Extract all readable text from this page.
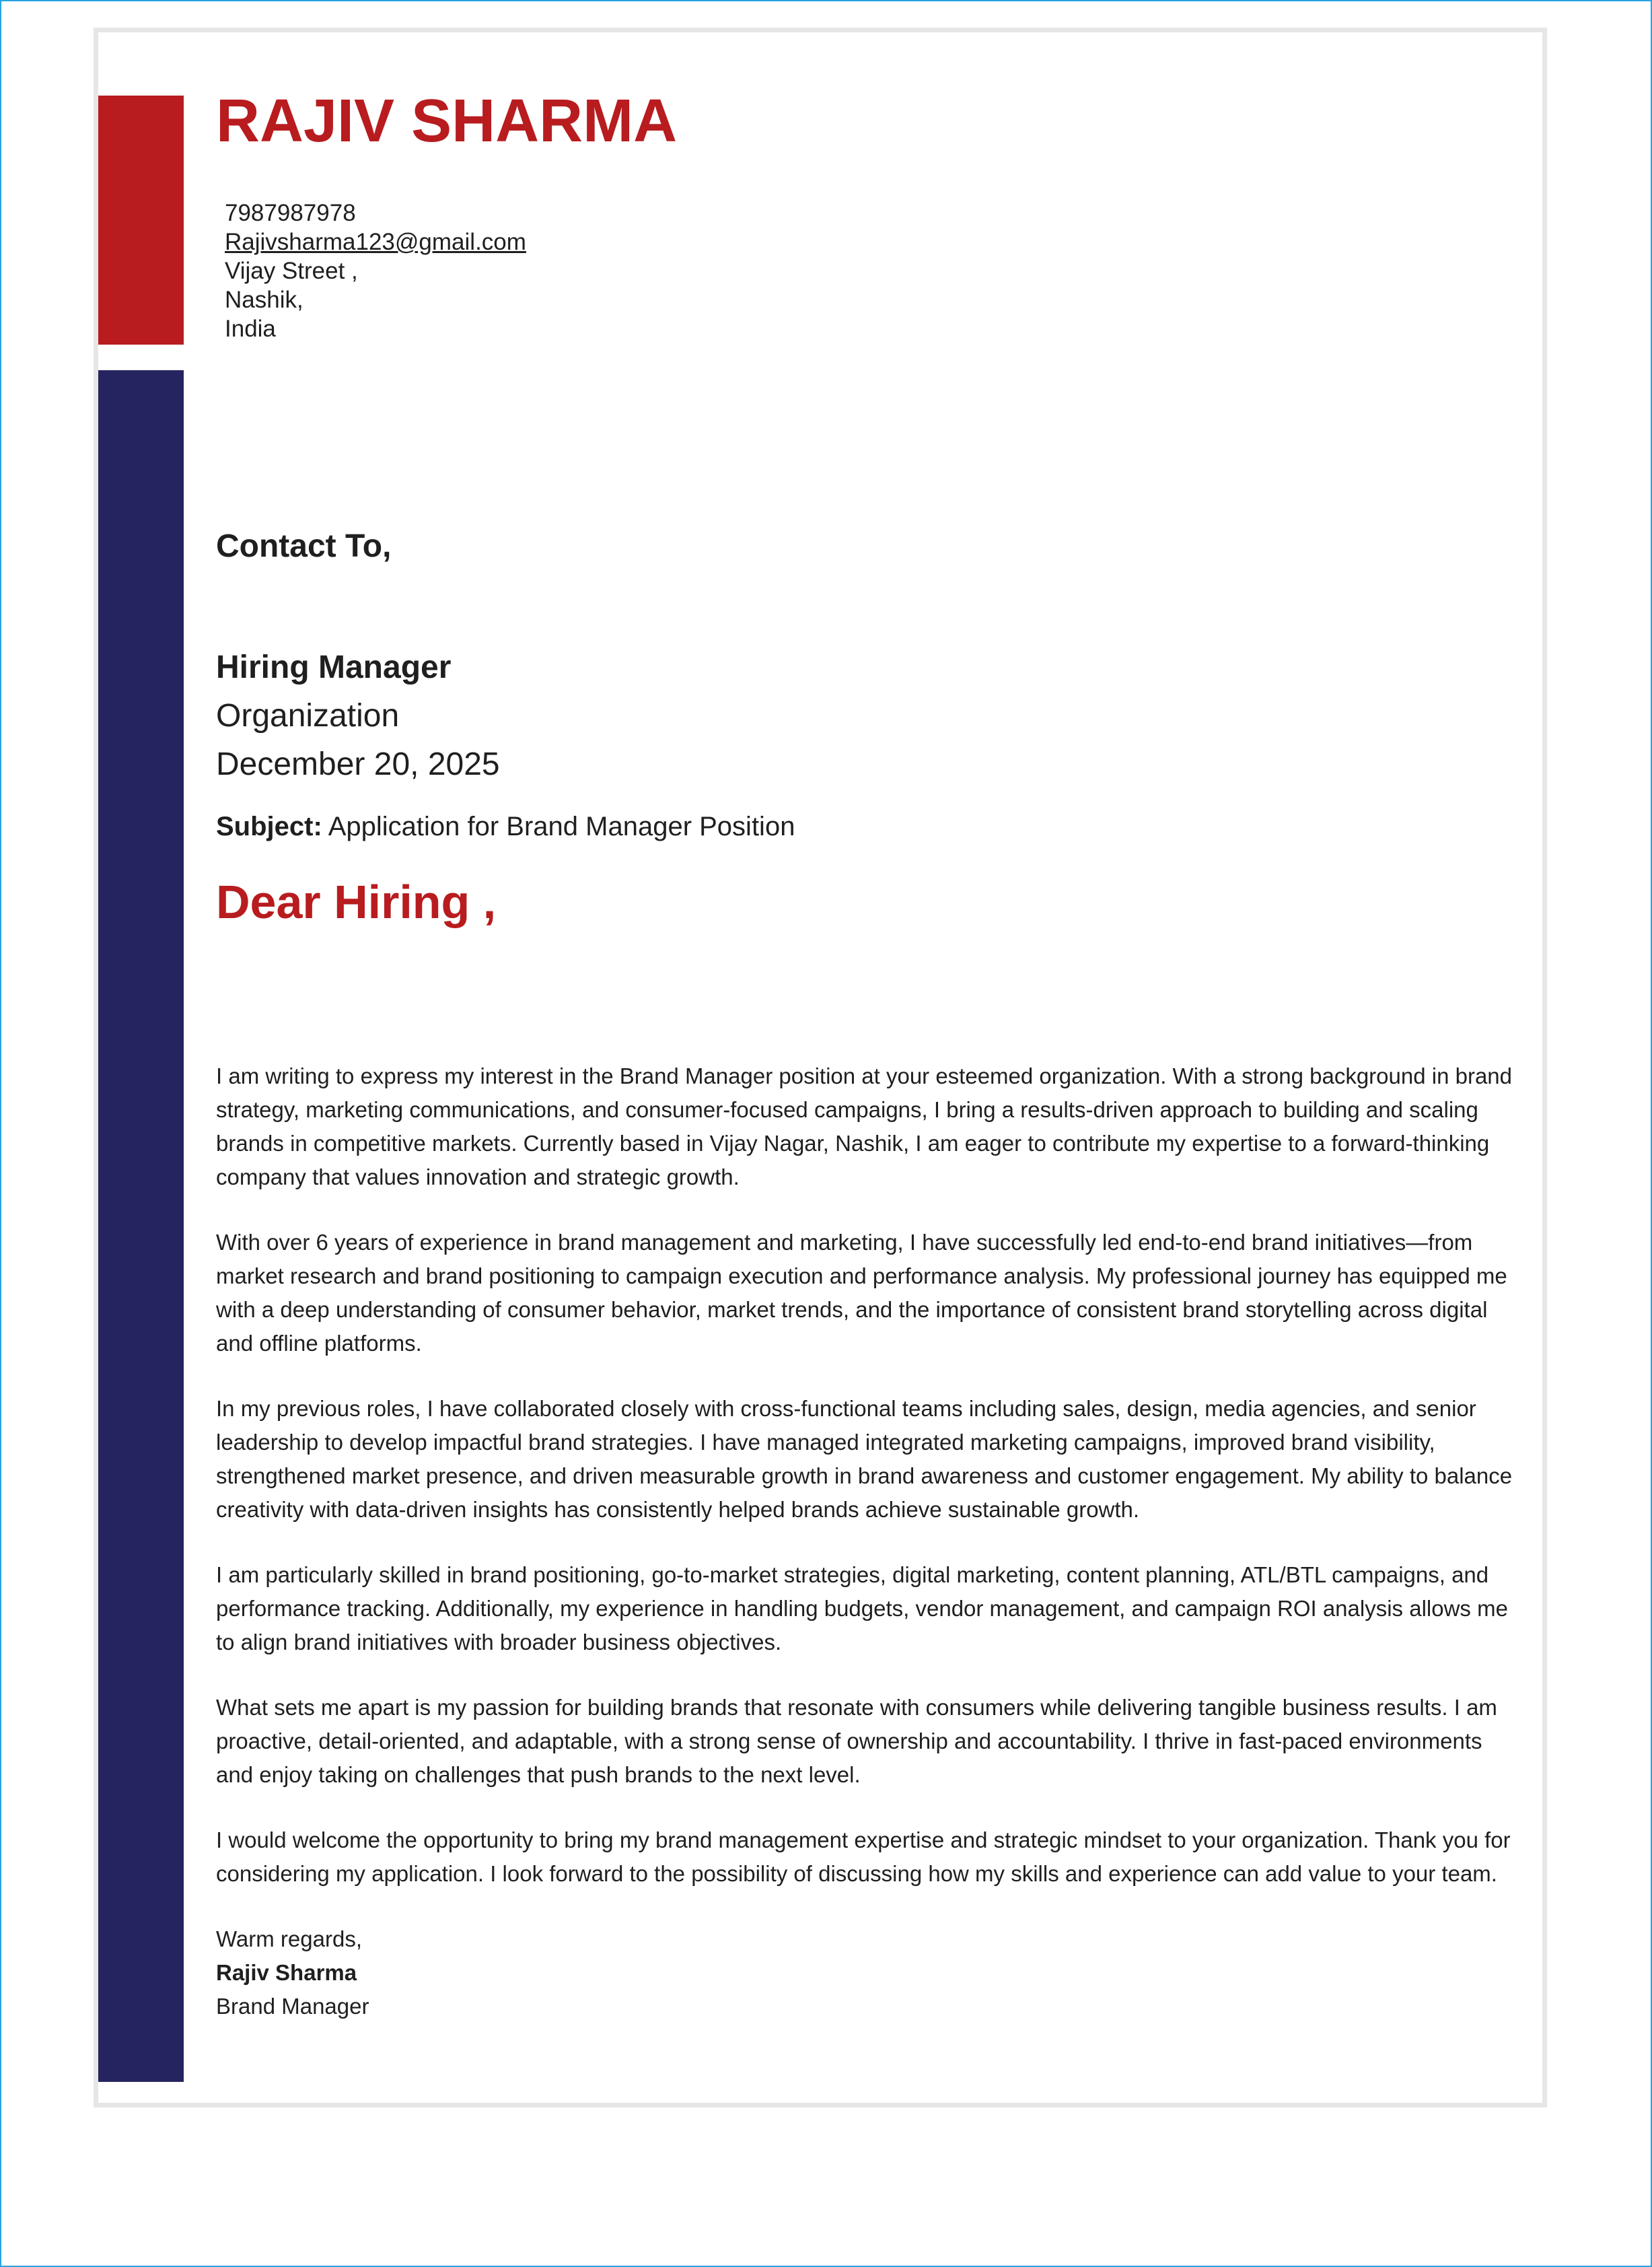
RAJIV SHARMA
7987987978
Rajivsharma123@gmail.com
Vijay Street ,
Nashik,
India
Contact To,
Hiring Manager
Organization
December 20, 2025
Subject: Application for Brand Manager Position
Dear Hiring ,

I am writing to express my interest in the Brand Manager position at your esteemed organization. With a strong background in brand strategy, marketing communications, and consumer-focused campaigns, I bring a results-driven approach to building and scaling brands in competitive markets. Currently based in Vijay Nagar, Nashik, I am eager to contribute my expertise to a forward-thinking company that values innovation and strategic growth.

With over 6 years of experience in brand management and marketing, I have successfully led end-to-end brand initiatives—from market research and brand positioning to campaign execution and performance analysis. My professional journey has equipped me with a deep understanding of consumer behavior, market trends, and the importance of consistent brand storytelling across digital and offline platforms.

In my previous roles, I have collaborated closely with cross-functional teams including sales, design, media agencies, and senior leadership to develop impactful brand strategies. I have managed integrated marketing campaigns, improved brand visibility, strengthened market presence, and driven measurable growth in brand awareness and customer engagement. My ability to balance creativity with data-driven insights has consistently helped brands achieve sustainable growth.

I am particularly skilled in brand positioning, go-to-market strategies, digital marketing, content planning, ATL/BTL campaigns, and performance tracking. Additionally, my experience in handling budgets, vendor management, and campaign ROI analysis allows me to align brand initiatives with broader business objectives.

What sets me apart is my passion for building brands that resonate with consumers while delivering tangible business results. I am proactive, detail-oriented, and adaptable, with a strong sense of ownership and accountability. I thrive in fast-paced environments and enjoy taking on challenges that push brands to the next level.

I would welcome the opportunity to bring my brand management expertise and strategic mindset to your organization. Thank you for considering my application. I look forward to the possibility of discussing how my skills and experience can add value to your team.

Warm regards,
Rajiv Sharma
Brand Manager
